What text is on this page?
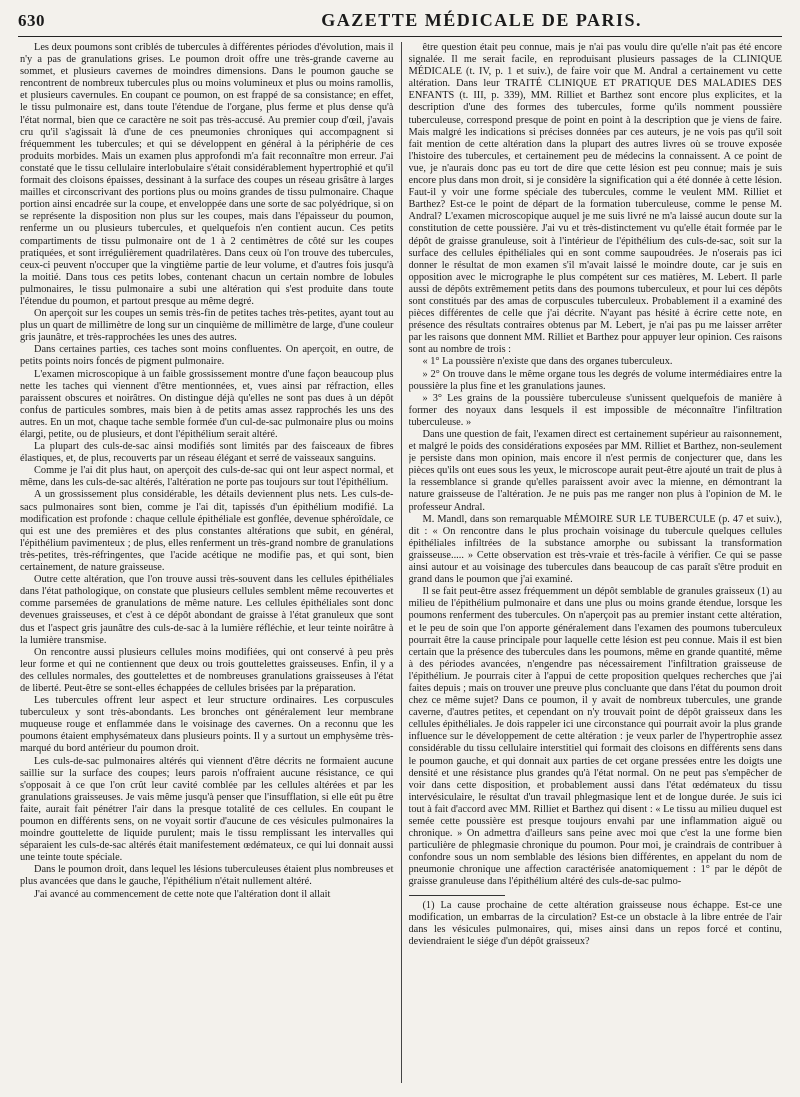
630	GAZETTE MÉDICALE DE PARIS.

Les deux poumons sont criblés de tubercules à différentes périodes d'évolution, mais il n'y a pas de granulations grises. Le poumon droit offre une très-grande caverne au sommet, et plusieurs cavernes de moindres dimensions. Dans le poumon gauche se rencontrent de nombreux tubercules plus ou moins volumineux et plus ou moins ramollis, et plusieurs cavernules. En coupant ce poumon, on est frappé de sa consistance; en effet, le tissu pulmonaire est, dans toute l'étendue de l'organe, plus ferme et plus dense qu'à l'état normal, bien que ce caractère ne soit pas très-accusé. Au premier coup d'œil, j'avais cru qu'il s'agissait là d'une de ces pneumonies chroniques qui accompagnent si fréquemment les tubercules; et qui se développent en général à la périphérie de ces produits morbides. Mais un examen plus approfondi m'a fait reconnaître mon erreur. J'ai constaté que le tissu cellulaire interlobulaire s'était considérablement hypertrophié et qu'il formait des cloisons épaisses, dessinant à la surface des coupes un réseau grisâtre à larges mailles et circonscrivant des portions plus ou moins grandes de tissu pulmonaire. Chaque portion ainsi encadrée sur la coupe, et enveloppée dans une sorte de sac polyédrique, si on se représente la disposition non plus sur les coupes, mais dans l'épaisseur du poumon, renferme un ou plusieurs tubercules, et quelquefois n'en contient aucun. Ces petits compartiments de tissu pulmonaire ont de 1 à 2 centimètres de côté sur les coupes pratiquées, et sont irrégulièrement quadrilatères. Dans ceux où l'on trouve des tubercules, ceux-ci peuvent n'occuper que la vingtième partie de leur volume, et d'autres fois jusqu'à la moitié. Dans tous ces petits lobes, contenant chacun un certain nombre de lobules pulmonaires, le tissu pulmonaire a subi une altération qui s'est produite dans toute l'étendue du poumon, et partout presque au même degré.

On aperçoit sur les coupes un semis très-fin de petites taches très-petites, ayant tout au plus un quart de millimètre de long sur un cinquième de millimètre de large, d'une couleur gris jaunâtre, et très-rapprochées les unes des autres.

Dans certaines parties, ces taches sont moins confluentes. On aperçoit, en outre, de petits points noirs foncés de pigment pulmonaire.

L'examen microscopique à un faible grossissement montre d'une façon beaucoup plus nette les taches qui viennent d'être mentionnées, et, vues ainsi par réfraction, elles paraissent obscures et noirâtres. On distingue déjà qu'elles ne sont pas dues à un dépôt confus de particules sombres, mais bien à de petits amas assez rapprochés les uns des autres. En un mot, chaque tache semble formée d'un cul-de-sac pulmonaire plus ou moins élargi, petite, ou de plusieurs, et dont l'épithélium serait altéré.

La plupart des culs-de-sac ainsi modifiés sont limités par des faisceaux de fibres élastiques, et, de plus, recouverts par un réseau élégant et serré de vaisseaux sanguins.

Comme je l'ai dit plus haut, on aperçoit des culs-de-sac qui ont leur aspect normal, et même, dans les culs-de-sac altérés, l'altération ne porte pas toujours sur tout l'épithélium.

A un grossissement plus considérable, les détails deviennent plus nets. Les culs-de-sacs pulmonaires sont bien, comme je l'ai dit, tapissés d'un épithélium modifié. La modification est profonde : chaque cellule épithéliale est gonflée, devenue sphéroïdale, ce qui est une des premières et des plus constantes altérations que subit, en général, l'épithélium pavimenteux ; de plus, elles renferment un très-grand nombre de granulations très-petites, très-réfringentes, que l'acide acétique ne modifie pas, et qui sont, bien certainement, de nature graisseuse.

Outre cette altération, que l'on trouve aussi très-souvent dans les cellules épithéliales dans l'état pathologique, on constate que plusieurs cellules semblent même recouvertes et comme parsemées de granulations de même nature. Les cellules épithéliales sont donc devenues graisseuses, et c'est à ce dépôt abondant de graisse à l'état granuleux que sont dus et l'aspect gris jaunâtre des culs-de-sac à la lumière réfléchie, et leur teinte noirâtre à la lumière transmise.

On rencontre aussi plusieurs cellules moins modifiées, qui ont conservé à peu près leur forme et qui ne contiennent que deux ou trois gouttelettes graisseuses. Enfin, il y a des cellules normales, des gouttelettes et de nombreuses granulations graisseuses à l'état de liberté. Peut-être se sont-elles échappées de cellules brisées par la préparation.

Les tubercules offrent leur aspect et leur structure ordinaires. Les corpuscules tuberculeux y sont très-abondants. Les bronches ont généralement leur membrane muqueuse rouge et enflammée dans le voisinage des cavernes. On a reconnu que les poumons étaient emphysémateux dans plusieurs points. Il y a surtout un emphysème très-marqué du bord antérieur du poumon droit.

Les culs-de-sac pulmonaires altérés qui viennent d'être décrits ne formaient aucune saillie sur la surface des coupes; leurs parois n'offraient aucune résistance, ce qui s'opposait à ce que l'on crût leur cavité comblée par les cellules altérées et par les granulations graisseuses. Je vais même jusqu'à penser que l'insufflation, si elle eût pu être faite, aurait fait pénétrer l'air dans la presque totalité de ces cellules. En coupant le poumon en différents sens, on ne voyait sortir d'aucune de ces vésicules pulmonaires la moindre gouttelette de liquide purulent; mais le tissu remplissant les intervalles qui séparaient les culs-de-sac altérés était manifestement œdémateux, ce qui lui donnait aussi une teinte toute spéciale.

Dans le poumon droit, dans lequel les lésions tuberculeuses étaient plus nombreuses et plus avancées que dans le gauche, l'épithélium n'était nullement altéré.

J'ai avancé au commencement de cette note que l'altération dont il allait

être question était peu connue, mais je n'ai pas voulu dire qu'elle n'ait pas été encore signalée. Il me serait facile, en reproduisant plusieurs passages de la CLINIQUE MÉDICALE (t. IV, p. 1 et suiv.), de faire voir que M. Andral a certainement vu cette altération. Dans leur TRAITÉ CLINIQUE ET PRATIQUE DES MALADIES DES ENFANTS (t. III, p. 339), MM. Rilliet et Barthez sont encore plus explicites, et la description d'une des formes des tubercules, forme qu'ils nomment poussière tuberculeuse, correspond presque de point en point à la description que je viens de faire. Mais malgré les indications si précises données par ces auteurs, je ne vois pas qu'il soit fait mention de cette altération dans la plupart des autres livres où se trouve exposée l'histoire des tubercules, et certainement peu de médecins la connaissent. A ce point de vue, je n'aurais donc pas eu tort de dire que cette lésion est peu connue; mais je suis encore plus dans mon droit, si je considère la signification qui a été donnée à cette lésion. Faut-il y voir une forme spéciale des tubercules, comme le veulent MM. Rilliet et Barthez? Est-ce le point de départ de la formation tuberculeuse, comme le pense M. Andral? L'examen microscopique auquel je me suis livré ne m'a laissé aucun doute sur la constitution de cette poussière. J'ai vu et très-distinctement vu qu'elle était formée par le dépôt de graisse granuleuse, soit à l'intérieur de l'épithélium des culs-de-sac, soit sur la surface des cellules épithéliales qui en sont comme saupoudrées. Je n'oserais pas ici donner le résultat de mon examen s'il m'avait laissé le moindre doute, car je suis en opposition avec le micrographe le plus compétent sur ces matières, M. Lebert. Il parle aussi de dépôts extrêmement petits dans des poumons tuberculeux, et pour lui ces dépôts sont constitués par des amas de corpuscules tuberculeux. Probablement il a examiné des pièces différentes de celle que j'ai décrite. N'ayant pas hésité à écrire cette note, en présence des résultats contraires obtenus par M. Lebert, je n'ai pas pu me laisser arrêter par les raisons que donnent MM. Rilliet et Barthez pour appuyer leur opinion. Ces raisons sont au nombre de trois :

« 1° La poussière n'existe que dans des organes tuberculeux.

» 2° On trouve dans le même organe tous les degrés de volume intermédiaires entre la poussière la plus fine et les granulations jaunes.

» 3° Les grains de la poussière tuberculeuse s'unissent quelquefois de manière à former des noyaux dans lesquels il est impossible de méconnaître l'infiltration tuberculeuse. »

Dans une question de fait, l'examen direct est certainement supérieur au raisonnement, et malgré le poids des considérations exposées par MM. Rilliet et Barthez, non-seulement je persiste dans mon opinion, mais encore il n'est permis de conjecturer que, dans les pièces qu'ils ont eues sous les yeux, le microscope aurait peut-être ajouté un trait de plus à la ressemblance si grande qu'elles paraissent avoir avec la mienne, en démontrant la nature graisseuse de l'altération. Je ne puis pas me ranger non plus à l'opinion de M. le professeur Andral.

M. Mandl, dans son remarquable MÉMOIRE SUR LE TUBERCULE (p. 47 et suiv.), dit : « On rencontre dans le plus prochain voisinage du tubercule quelques cellules épithéliales infiltrées de la substance amorphe ou subissant la transformation graisseuse..... » Cette observation est très-vraie et très-facile à vérifier. Ce qui se passe ainsi autour et au voisinage des tubercules dans beaucoup de cas paraît s'être produit en grand dans le poumon que j'ai examiné.

Il se fait peut-être assez fréquemment un dépôt semblable de granules graisseux (1) au milieu de l'épithélium pulmonaire et dans une plus ou moins grande étendue, lorsque les poumons renferment des tubercules. On n'aperçoit pas au premier instant cette altération, et le peu de soin que l'on apporte généralement dans l'examen des poumons tuberculeux pourrait être la cause principale pour laquelle cette lésion est peu connue. Mais il est bien certain que la présence des tubercules dans les poumons, même en grande quantité, même à des périodes avancées, n'engendre pas nécessairement l'infiltration graisseuse de l'épithélium. Je pourrais citer à l'appui de cette proposition quelques recherches que j'ai faites depuis ; mais on trouver une preuve plus concluante que dans l'état du poumon droit chez ce même sujet? Dans ce poumon, il y avait de nombreux tubercules, une grande caverne, d'autres petites, et cependant on n'y trouvait point de dépôt graisseux dans les cellules épithéliales. Je dois rappeler ici une circonstance qui pourrait avoir la plus grande influence sur le développement de cette altération : je veux parler de l'hypertrophie assez considérable du tissu cellulaire interstitiel qui formait des cloisons en différents sens dans le poumon gauche, et qui donnait aux parties de cet organe pressées entre les doigts une densité et une résistance plus grandes qu'à l'état normal. On ne peut pas s'empêcher de voir dans cette disposition, et probablement aussi dans l'état œdémateux du tissu intervésiculaire, le résultat d'un travail phlegmasique lent et de longue durée. Je suis ici tout à fait d'accord avec MM. Rilliet et Barthez qui disent : « Le tissu au milieu duquel est semée cette poussière est presque toujours envahi par une inflammation aiguë ou chronique. » On admettra d'ailleurs sans peine avec moi que c'est la une forme bien particulière de phlegmasie chronique du poumon. Pour moi, je craindrais de contribuer à confondre sous un nom semblable des lésions bien différentes, en appelant du nom de pneumonie chronique une affection caractérisée anatomiquement : 1° par le dépôt de graisse granuleuse dans l'épithélium altéré des culs-de-sac pulmo-

(1) La cause prochaine de cette altération graisseuse nous échappe. Est-ce une modification, un embarras de la circulation? Est-ce un obstacle à la libre entrée de l'air dans les vésicules pulmonaires, qui, mises ainsi dans un repos forcé et continu, deviendraient le siége d'un dépôt graisseux?
